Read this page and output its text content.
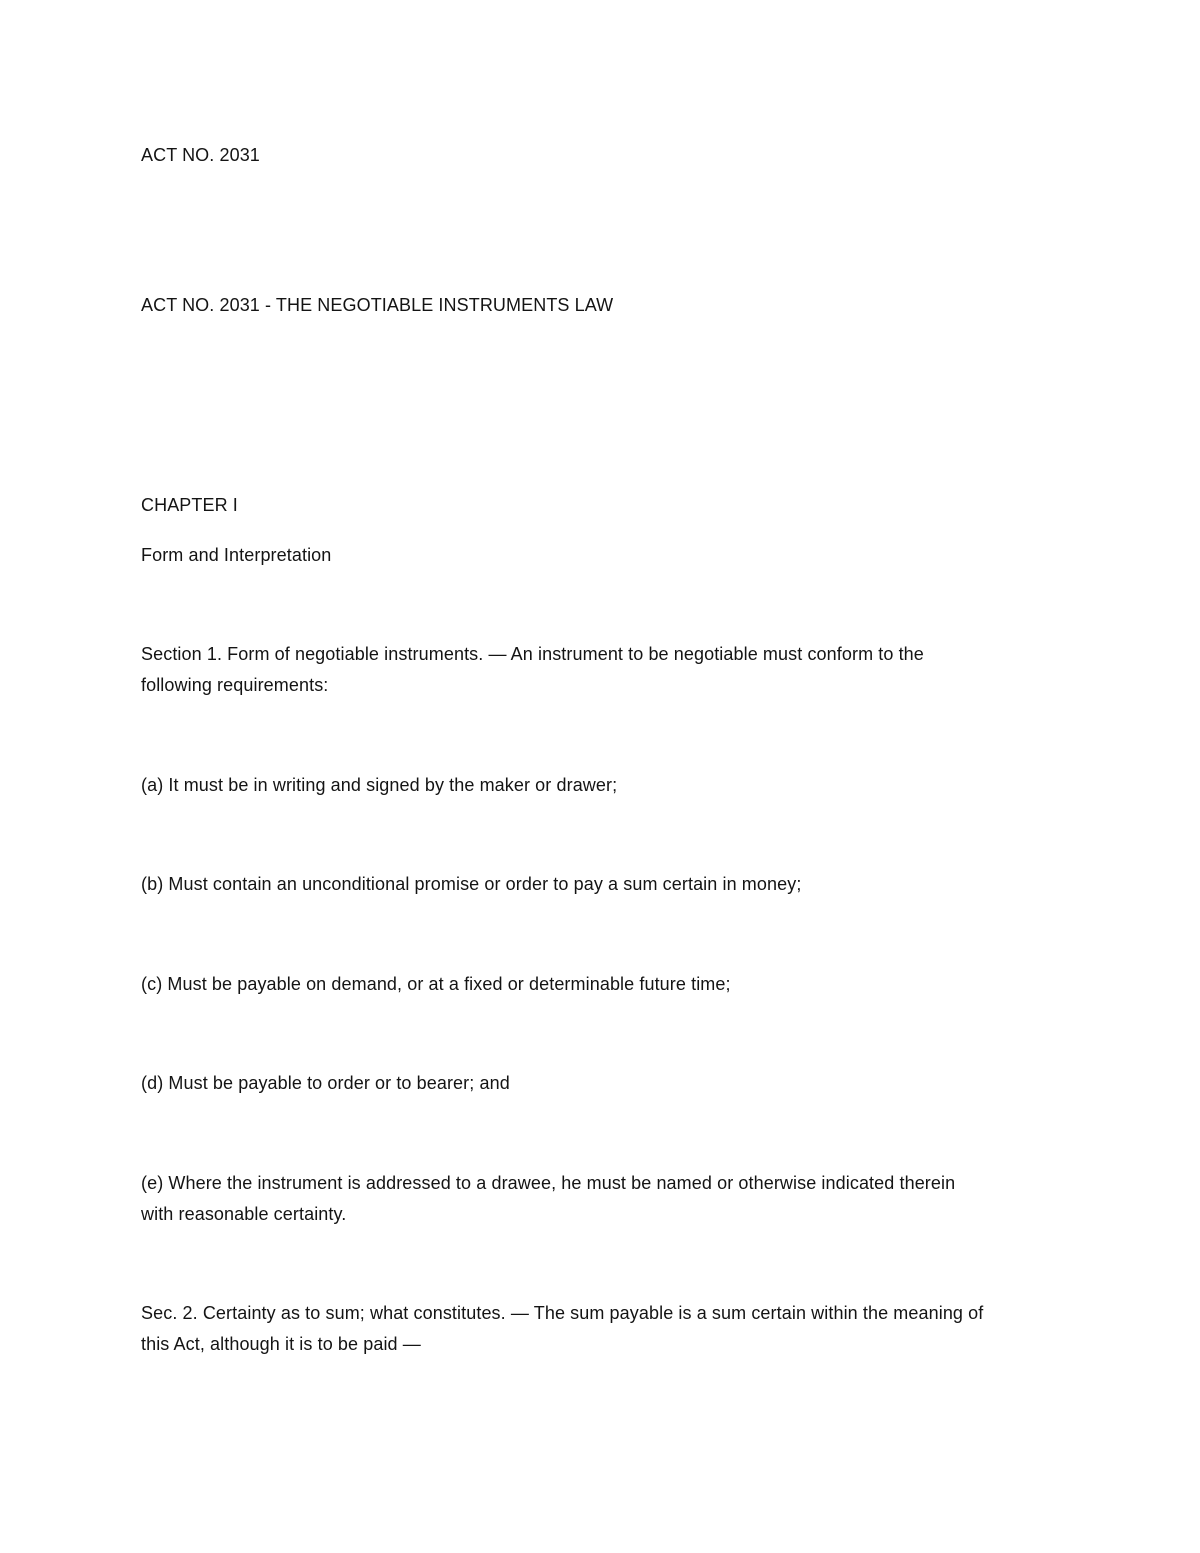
ACT NO. 2031
ACT NO. 2031 - THE NEGOTIABLE INSTRUMENTS LAW
CHAPTER I
Form and Interpretation
Section 1. Form of negotiable instruments. — An instrument to be negotiable must conform to the
following requirements:
(a) It must be in writing and signed by the maker or drawer;
(b) Must contain an unconditional promise or order to pay a sum certain in money;
(c) Must be payable on demand, or at a fixed or determinable future time;
(d) Must be payable to order or to bearer; and
(e) Where the instrument is addressed to a drawee, he must be named or otherwise indicated therein
with reasonable certainty.
Sec. 2. Certainty as to sum; what constitutes. — The sum payable is a sum certain within the meaning of
this Act, although it is to be paid —
